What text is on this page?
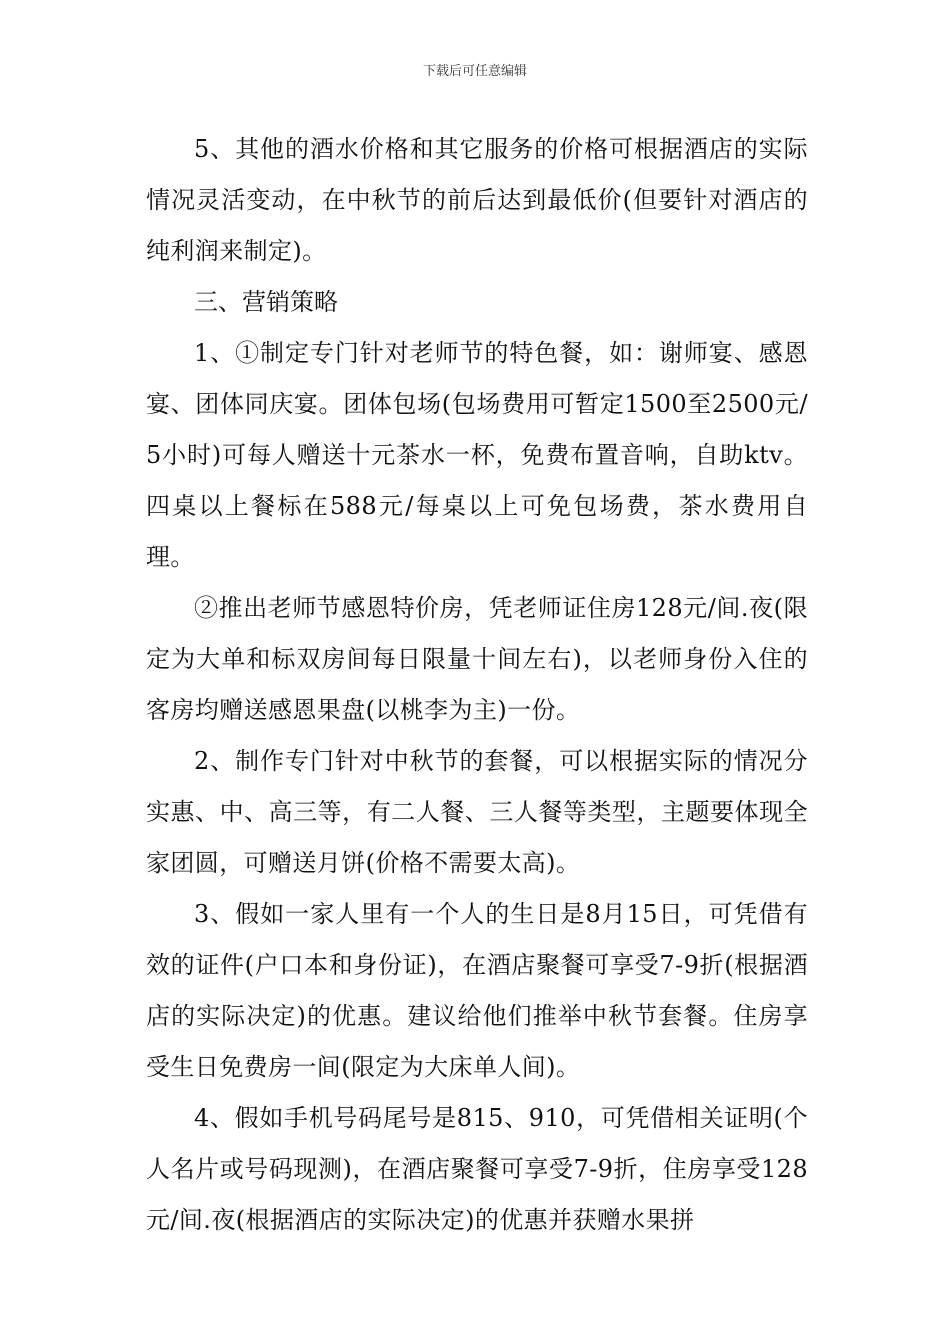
下载后可任意编辑

5、其他的酒水价格和其它服务的价格可根据酒店的实际情况灵活变动，在中秋节的前后达到最低价(但要针对酒店的纯利润来制定)。

三、营销策略

1、①制定专门针对老师节的特色餐，如：谢师宴、感恩宴、团体同庆宴。团体包场(包场费用可暂定1500至2500元/5小时)可每人赠送十元茶水一杯，免费布置音响，自助ktv。四桌以上餐标在588元/每桌以上可免包场费，茶水费用自理。

②推出老师节感恩特价房，凭老师证住房128元/间.夜(限定为大单和标双房间每日限量十间左右)，以老师身份入住的客房均赠送感恩果盘(以桃李为主)一份。

2、制作专门针对中秋节的套餐，可以根据实际的情况分实惠、中、高三等，有二人餐、三人餐等类型，主题要体现全家团圆，可赠送月饼(价格不需要太高)。

3、假如一家人里有一个人的生日是8月15日，可凭借有效的证件(户口本和身份证)，在酒店聚餐可享受7-9折(根据酒店的实际决定)的优惠。建议给他们推举中秋节套餐。住房享受生日免费房一间(限定为大床单人间)。

4、假如手机号码尾号是815、910，可凭借相关证明(个人名片或号码现测)，在酒店聚餐可享受7-9折，住房享受128元/间.夜(根据酒店的实际决定)的优惠并获赠水果拼
